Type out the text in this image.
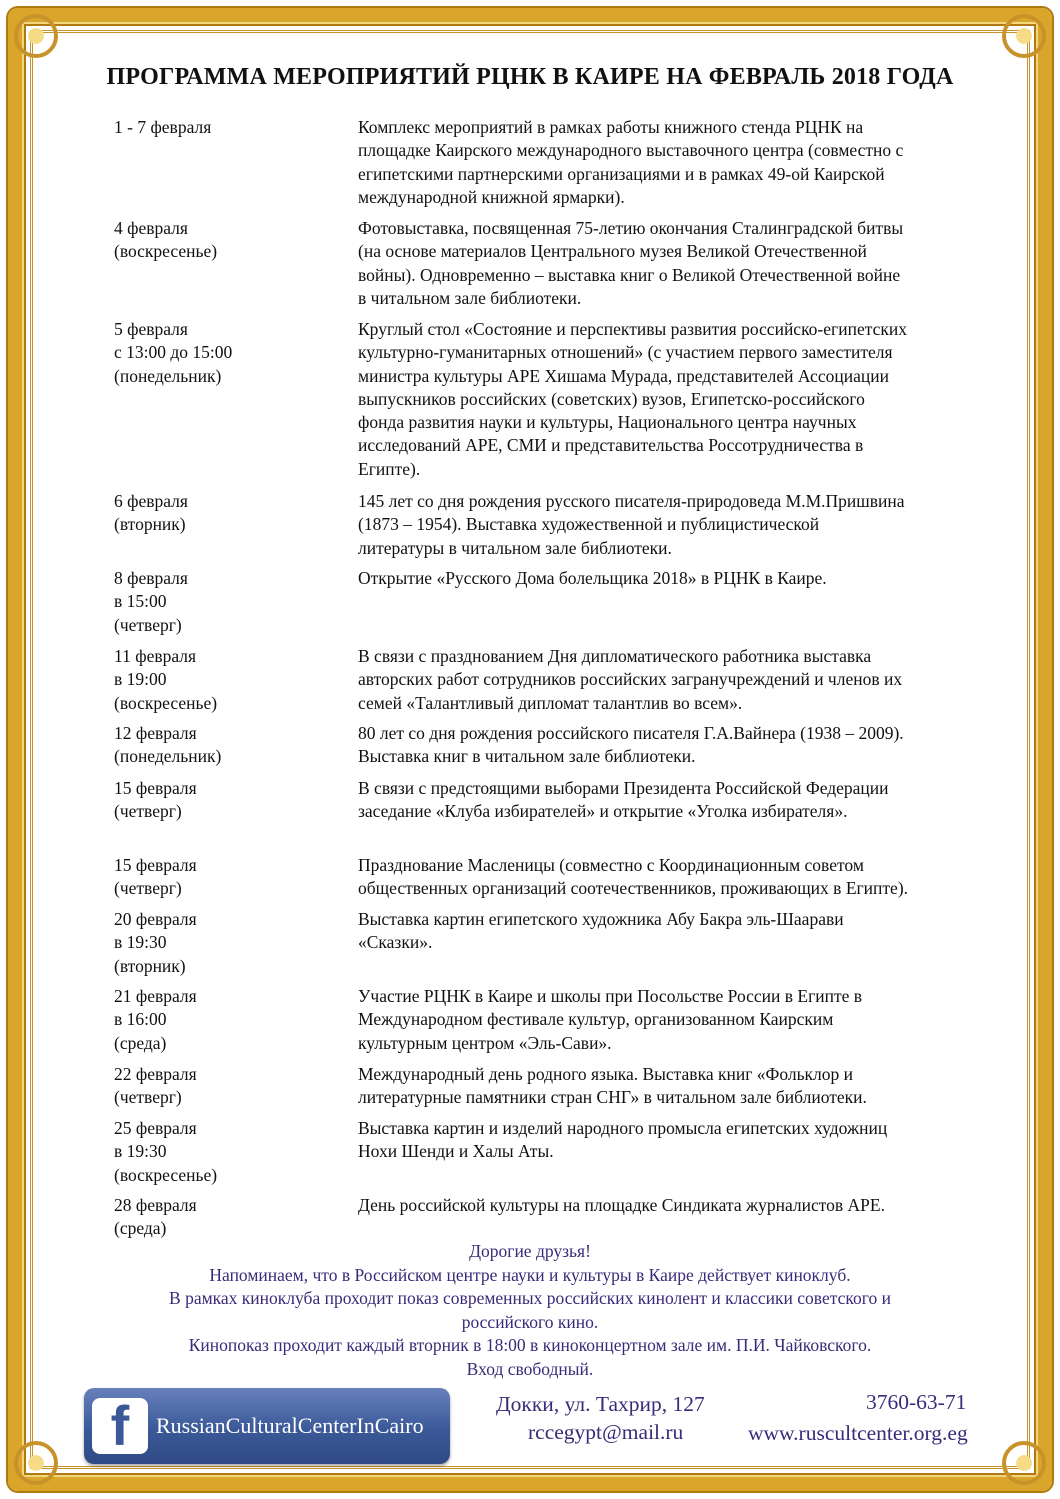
ПРОГРАММА МЕРОПРИЯТИЙ РЦНК В КАИРЕ НА ФЕВРАЛЬ 2018 ГОДА
1 - 7 февраля	Комплекс мероприятий в рамках работы книжного стенда РЦНК на
площадке Каирского международного выставочного центра (совместно с
египетскими партнерскими организациями и в рамках 49-ой Каирской
международной книжной ярмарки).
4 февраля
(воскресенье)
Фотовыставка, посвященная 75-летию окончания Сталинградской битвы
(на основе материалов Центрального музея Великой Отечественной
войны). Одновременно – выставка книг о Великой Отечественной войне
в читальном зале библиотеки.
5 февраля
с 13:00 до 15:00
(понедельник)
Круглый стол «Состояние и перспективы развития российско-египетских
культурно-гуманитарных отношений» (с участием первого заместителя
министра культуры АРЕ Хишама Мурада, представителей Ассоциации
выпускников российских (советских) вузов, Египетско-российского
фонда развития науки и культуры, Национального центра научных
исследований АРЕ, СМИ и представительства Россотрудничества в
Египте).
6 февраля
(вторник)
145 лет со дня рождения русского писателя-природоведа М.М.Пришвина
(1873 – 1954). Выставка художественной и публицистической
литературы в читальном зале библиотеки.
8 февраля
в 15:00
(четверг)
Открытие «Русского Дома болельщика 2018» в РЦНК в Каире.
11 февраля
в 19:00
(воскресенье)
В связи с празднованием Дня дипломатического работника выставка
авторских работ сотрудников российских загранучреждений и членов их
семей «Талантливый дипломат талантлив во всем».
12 февраля
(понедельник)
80 лет со дня рождения российского писателя Г.А.Вайнера (1938 – 2009).
Выставка книг в читальном зале библиотеки.
15 февраля
(четверг)
В связи с предстоящими выборами Президента Российской Федерации
заседание «Клуба избирателей» и открытие «Уголка избирателя».
15 февраля
(четверг)
Празднование Масленицы (совместно с Координационным советом
общественных организаций соотечественников, проживающих в Египте).
20 февраля
в 19:30
(вторник)
Выставка картин египетского художника Абу Бакра эль-Шаарави
«Сказки».
21 февраля
в 16:00
(среда)
Участие РЦНК в Каире и школы при Посольстве России в Египте в
Международном фестивале культур, организованном Каирским
культурным центром «Эль-Сави».
22 февраля
(четверг)
Международный день родного языка. Выставка книг «Фольклор и
литературные памятники стран СНГ» в читальном зале библиотеки.
25 февраля
в 19:30
(воскресенье)
Выставка картин и изделий народного промысла египетских художниц
Нохи Шенди и Халы Аты.
28 февраля
(среда)
День российской культуры на площадке Синдиката журналистов АРЕ.
Дорогие друзья!
Напоминаем, что в Российском центре науки и культуры в Каире действует киноклуб.
В рамках киноклуба проходит показ современных российских кинолент и классики советского и
российского кино.
Кинопоказ проходит каждый вторник в 18:00 в киноконцертном зале им. П.И. Чайковского.
Вход свободный.
f	RussianCulturalCenterInCairo
Докки, ул. Тахрир, 127
rccegypt@mail.ru
3760-63-71
www.ruscultcenter.org.eg
